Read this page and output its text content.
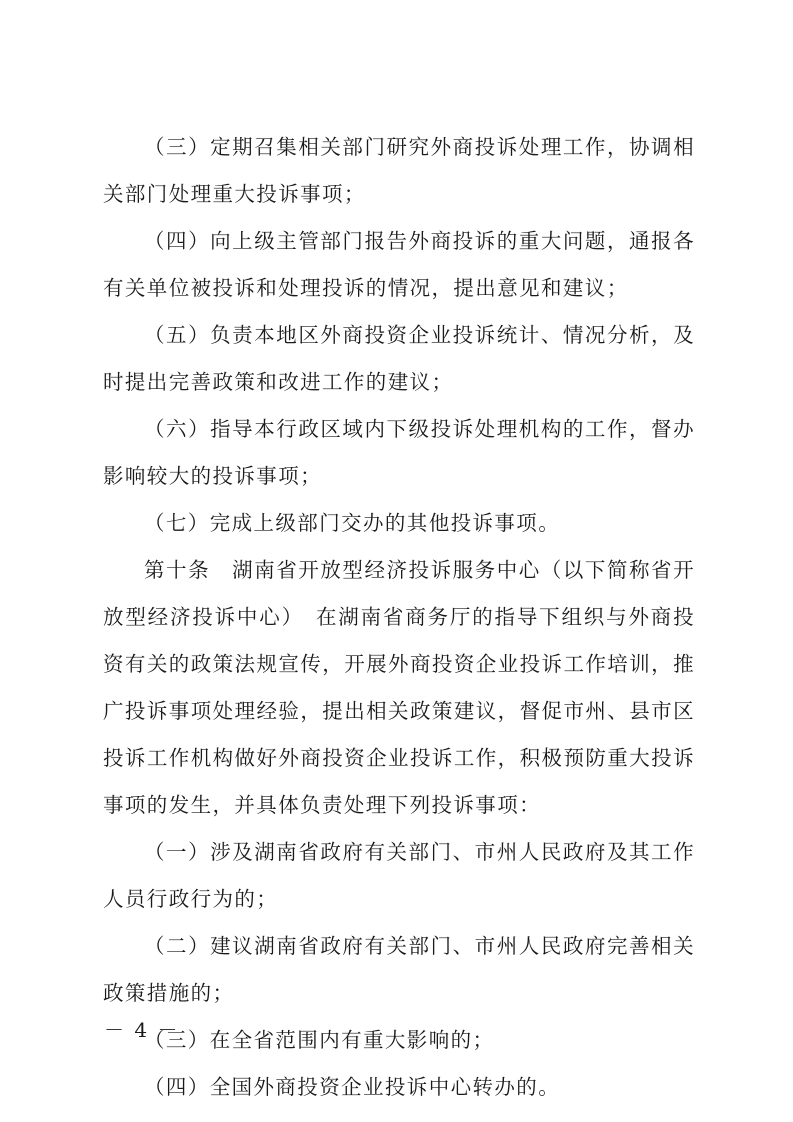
（三）定期召集相关部门研究外商投诉处理工作，协调相关部门处理重大投诉事项；

（四）向上级主管部门报告外商投诉的重大问题，通报各有关单位被投诉和处理投诉的情况，提出意见和建议；

（五）负责本地区外商投资企业投诉统计、情况分析，及时提出完善政策和改进工作的建议；

（六）指导本行政区域内下级投诉处理机构的工作，督办影响较大的投诉事项；

（七）完成上级部门交办的其他投诉事项。

第十条　湖南省开放型经济投诉服务中心（以下简称省开放型经济投诉中心）　在湖南省商务厅的指导下组织与外商投资有关的政策法规宣传，开展外商投资企业投诉工作培训，推广投诉事项处理经验，提出相关政策建议，督促市州、县市区投诉工作机构做好外商投资企业投诉工作，积极预防重大投诉事项的发生，并具体负责处理下列投诉事项：

（一）涉及湖南省政府有关部门、市州人民政府及其工作人员行政行为的；

（二）建议湖南省政府有关部门、市州人民政府完善相关政策措施的；

（三）在全省范围内有重大影响的；

（四）全国外商投资企业投诉中心转办的。

－ 4 －
